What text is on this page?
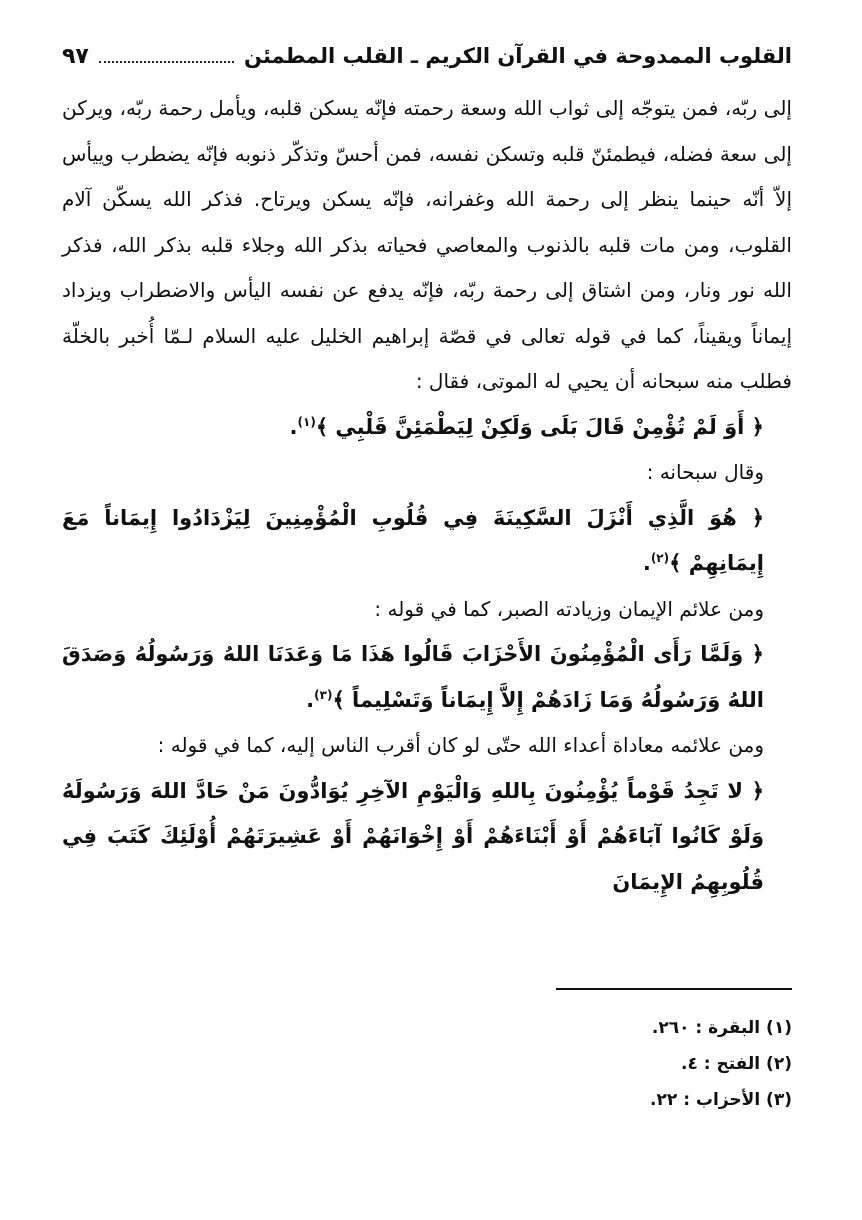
القلوب الممدوحة في القرآن الكريم ـ القلب المطمئن
٩٧

إلى ربّه، فمن يتوجّه إلى ثواب الله وسعة رحمته فإنّه يسكن قلبه، ويأمل رحمة ربّه، ويركن إلى سعة فضله، فيطمئنّ قلبه وتسكن نفسه، فمن أحسّ وتذكّر ذنوبه فإنّه يضطرب وييأس إلاّ أنّه حينما ينظر إلى رحمة الله وغفرانه، فإنّه يسكن ويرتاح. فذكر الله يسكّن آلام القلوب، ومن مات قلبه بالذنوب والمعاصي فحياته بذكر الله وجلاء قلبه بذكر الله، فذكر الله نور ونار، ومن اشتاق إلى رحمة ربّه، فإنّه يدفع عن نفسه اليأس والاضطراب ويزداد إيماناً ويقيناً، كما في قوله تعالى في قصّة إبراهيم الخليل عليه السلام لـمّا أُخبر بالخلّة فطلب منه سبحانه أن يحيي له الموتى، فقال :

﴿ أَوَ لَمْ تُؤْمِنْ قَالَ بَلَى وَلَكِنْ لِيَطْمَئِنَّ قَلْبِي ﴾$^{(١)}$.

وقال سبحانه :

﴿ هُوَ الَّذِي أَنْزَلَ السَّكِينَةَ فِي قُلُوبِ الْمُؤْمِنِينَ لِيَزْدَادُوا إِيمَاناً مَعَ إِيمَانِهِمْ ﴾$^{(٢)}$.

ومن علائم الإيمان وزيادته الصبر، كما في قوله :

﴿ وَلَمَّا رَأَى الْمُؤْمِنُونَ الأَحْزَابَ قَالُوا هَذَا مَا وَعَدَنَا اللهُ وَرَسُولُهُ وَصَدَقَ اللهُ وَرَسُولُهُ وَمَا زَادَهُمْ إِلاَّ إِيمَاناً وَتَسْلِيماً ﴾$^{(٣)}$.

ومن علائمه معاداة أعداء الله حتّى لو كان أقرب الناس إليه، كما في قوله :

﴿ لا تَجِدُ قَوْماً يُؤْمِنُونَ بِاللهِ وَالْيَوْمِ الآخِرِ يُوَادُّونَ مَنْ حَادَّ اللهَ وَرَسُولَهُ وَلَوْ كَانُوا آبَاءَهُمْ أَوْ أَبْنَاءَهُمْ أَوْ إِخْوَانَهُمْ أَوْ عَشِيرَتَهُمْ أُوْلَئِكَ كَتَبَ فِي قُلُوبِهِمُ الإِيمَانَ

(١) البقرة : ٢٦٠.

(٢) الفتح : ٤.

(٣) الأحزاب : ٢٢.
